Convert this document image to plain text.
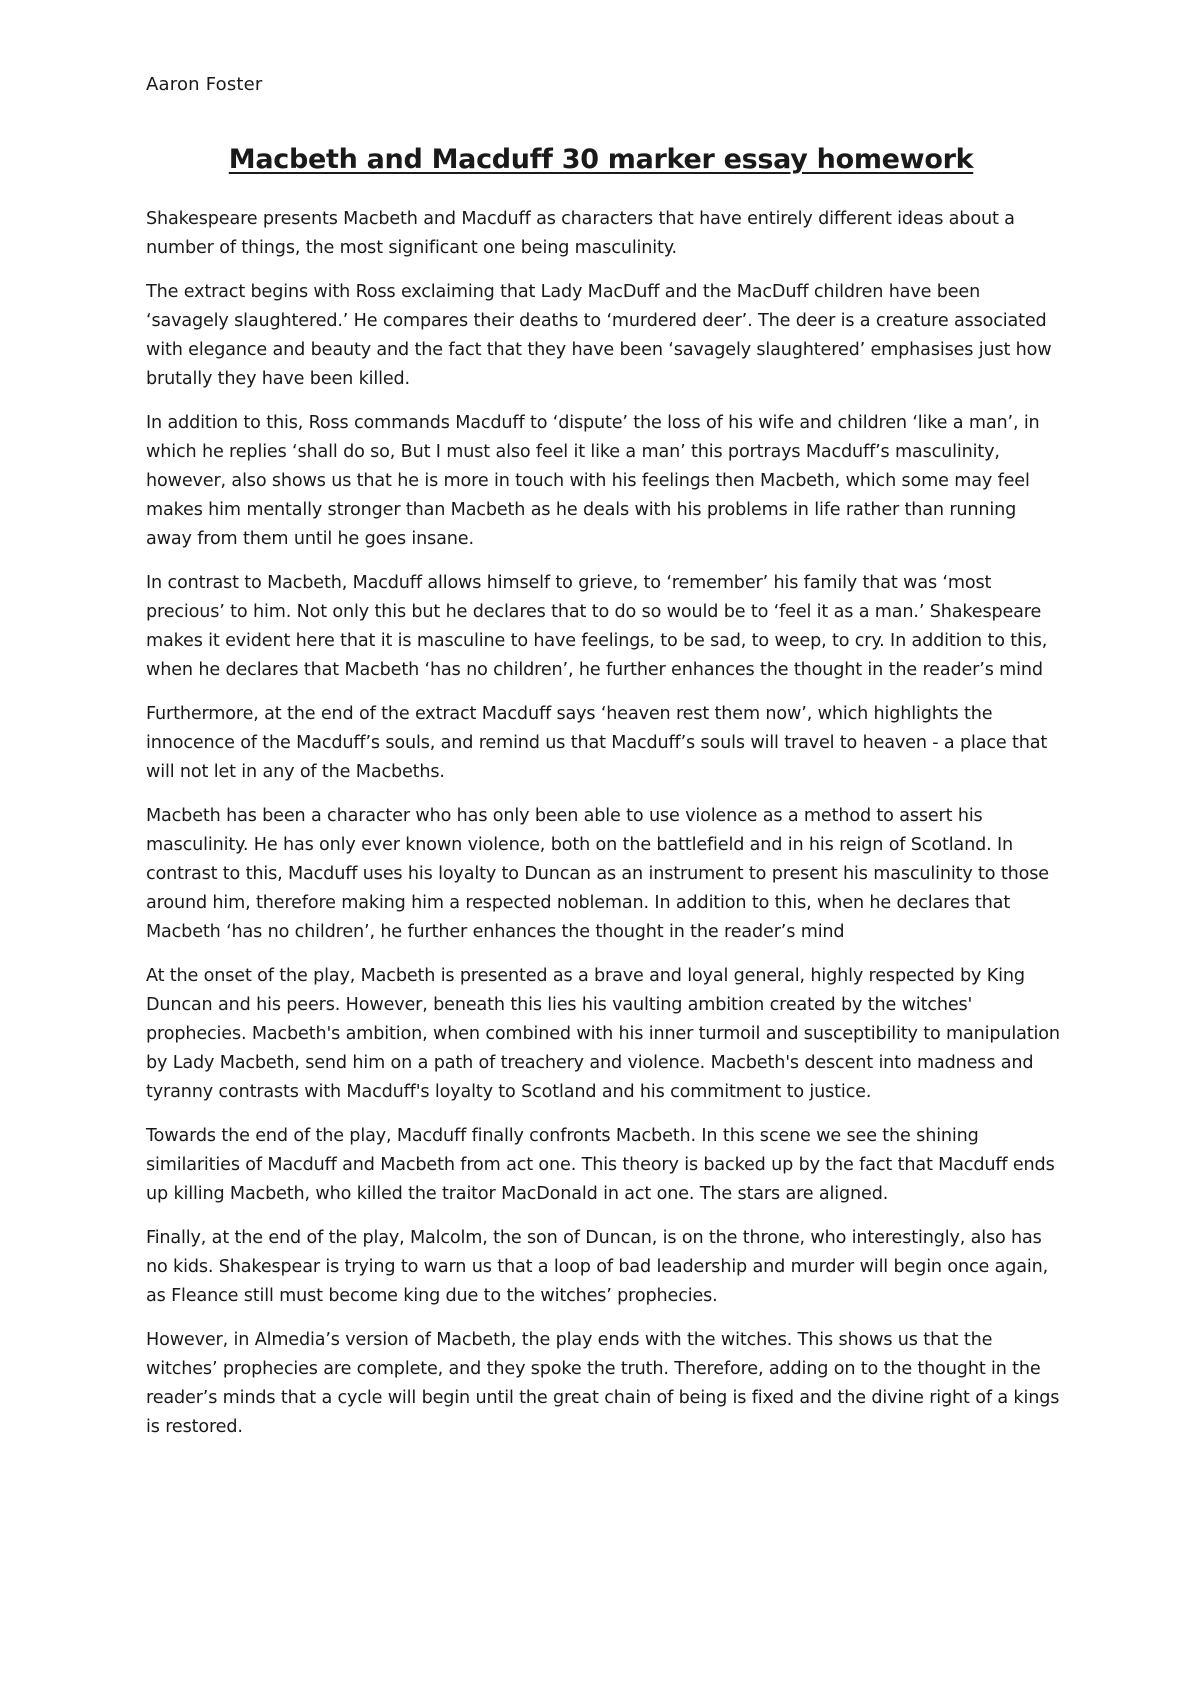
Aaron Foster

Macbeth and Macduff 30 marker essay homework

Shakespeare presents Macbeth and Macduff as characters that have entirely different ideas about a number of things, the most significant one being masculinity.

The extract begins with Ross exclaiming that Lady MacDuff and the MacDuff children have been ‘savagely slaughtered.’ He compares their deaths to ‘murdered deer’. The deer is a creature associated with elegance and beauty and the fact that they have been ‘savagely slaughtered’ emphasises just how brutally they have been killed.

In addition to this, Ross commands Macduff to ‘dispute’ the loss of his wife and children ‘like a man’, in which he replies ‘shall do so, But I must also feel it like a man’ this portrays Macduff’s masculinity, however, also shows us that he is more in touch with his feelings then Macbeth, which some may feel makes him mentally stronger than Macbeth as he deals with his problems in life rather than running away from them until he goes insane.

In contrast to Macbeth, Macduff allows himself to grieve, to ‘remember’ his family that was ‘most precious’ to him. Not only this but he declares that to do so would be to ‘feel it as a man.’ Shakespeare makes it evident here that it is masculine to have feelings, to be sad, to weep, to cry. In addition to this, when he declares that Macbeth ‘has no children’, he further enhances the thought in the reader’s mind

Furthermore, at the end of the extract Macduff says ‘heaven rest them now’, which highlights the innocence of the Macduff’s souls, and remind us that Macduff’s souls will travel to heaven - a place that will not let in any of the Macbeths.

Macbeth has been a character who has only been able to use violence as a method to assert his masculinity. He has only ever known violence, both on the battlefield and in his reign of Scotland. In contrast to this, Macduff uses his loyalty to Duncan as an instrument to present his masculinity to those around him, therefore making him a respected nobleman. In addition to this, when he declares that Macbeth ‘has no children’, he further enhances the thought in the reader’s mind

At the onset of the play, Macbeth is presented as a brave and loyal general, highly respected by King Duncan and his peers. However, beneath this lies his vaulting ambition created by the witches' prophecies. Macbeth's ambition, when combined with his inner turmoil and susceptibility to manipulation by Lady Macbeth, send him on a path of treachery and violence. Macbeth's descent into madness and tyranny contrasts with Macduff's loyalty to Scotland and his commitment to justice.

Towards the end of the play, Macduff finally confronts Macbeth. In this scene we see the shining similarities of Macduff and Macbeth from act one. This theory is backed up by the fact that Macduff ends up killing Macbeth, who killed the traitor MacDonald in act one. The stars are aligned.

Finally, at the end of the play, Malcolm, the son of Duncan, is on the throne, who interestingly, also has no kids. Shakespear is trying to warn us that a loop of bad leadership and murder will begin once again, as Fleance still must become king due to the witches’ prophecies.

However, in Almedia’s version of Macbeth, the play ends with the witches. This shows us that the witches’ prophecies are complete, and they spoke the truth. Therefore, adding on to the thought in the reader’s minds that a cycle will begin until the great chain of being is fixed and the divine right of a kings is restored.
